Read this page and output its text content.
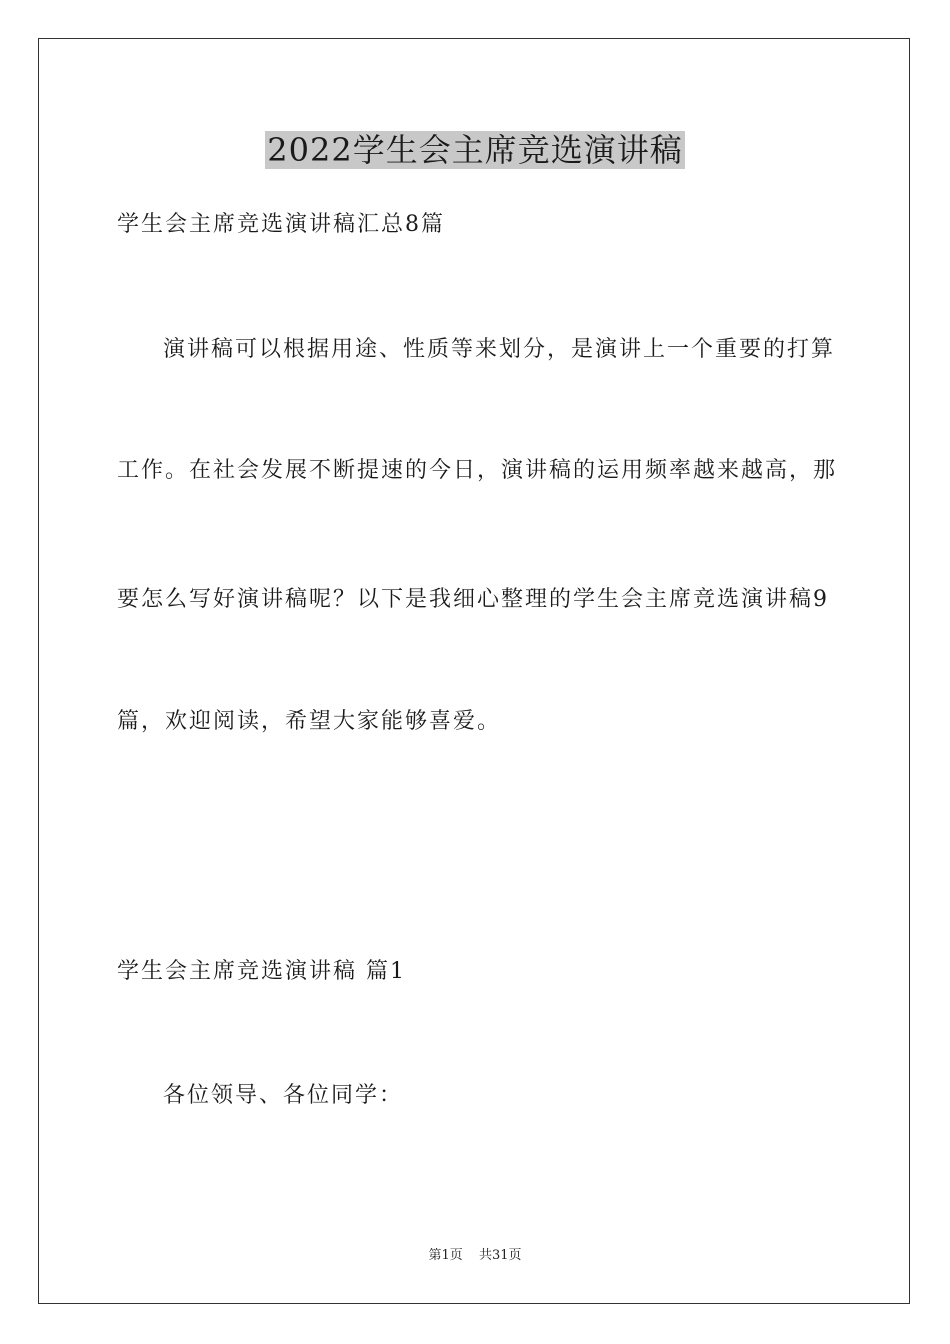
2022学生会主席竞选演讲稿
学生会主席竞选演讲稿汇总8篇
演讲稿可以根据用途、性质等来划分，是演讲上一个重要的打算
工作。在社会发展不断提速的今日，演讲稿的运用频率越来越高，那
要怎么写好演讲稿呢？以下是我细心整理的学生会主席竞选演讲稿9
篇，欢迎阅读，希望大家能够喜爱。
学生会主席竞选演讲稿 篇1
各位领导、各位同学：
第1页 共31页
